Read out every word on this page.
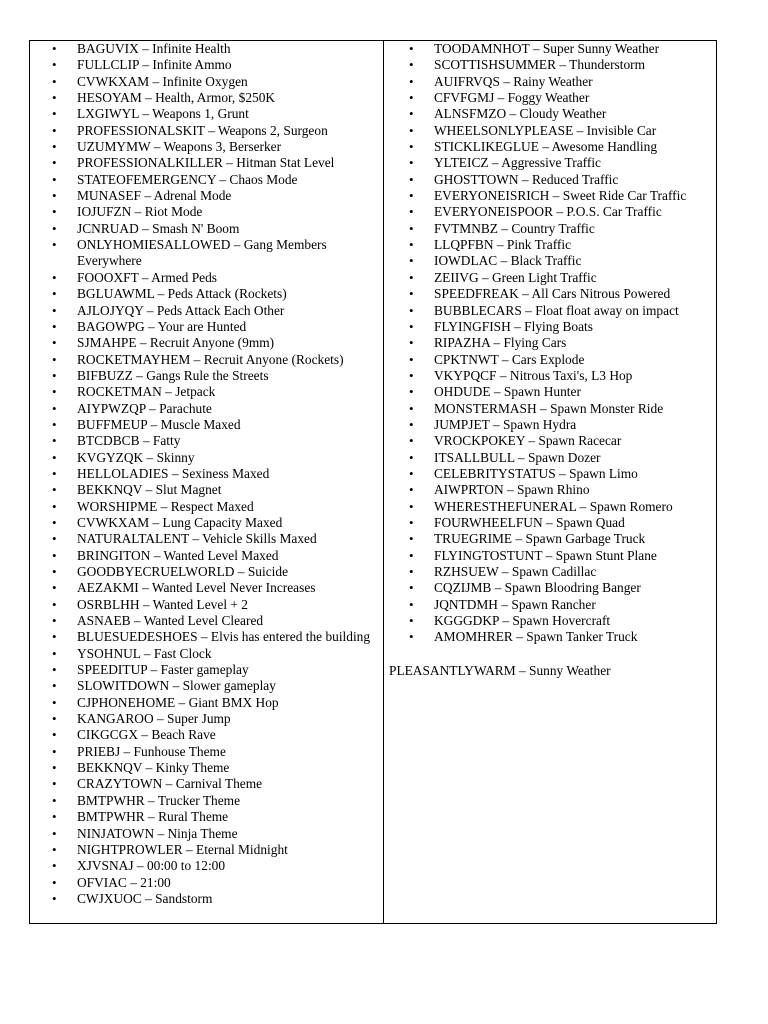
• BAGUVIX – Infinite Health
• FULLCLIP – Infinite Ammo
• CVWKXAM – Infinite Oxygen
• HESOYAM – Health, Armor, $250K
• LXGIWYL – Weapons 1, Grunt
• PROFESSIONALSKIT – Weapons 2, Surgeon
• UZUMYMW – Weapons 3, Berserker
• PROFESSIONALKILLER – Hitman Stat Level
• STATEOFEMERGENCY – Chaos Mode
• MUNASEF – Adrenal Mode
• IOJUFZN – Riot Mode
• JCNRUAD – Smash N' Boom
• ONLYHOMIESALLOWED – Gang Members Everywhere
• FOOOXFT – Armed Peds
• BGLUAWML – Peds Attack (Rockets)
• AJLOJYQY – Peds Attack Each Other
• BAGOWPG – Your are Hunted
• SJMAHPE – Recruit Anyone (9mm)
• ROCKETMAYHEM – Recruit Anyone (Rockets)
• BIFBUZZ – Gangs Rule the Streets
• ROCKETMAN – Jetpack
• AIYPWZQP – Parachute
• BUFFMEUP – Muscle Maxed
• BTCDBCB – Fatty
• KVGYZQK – Skinny
• HELLOLADIES – Sexiness Maxed
• BEKKNQV – Slut Magnet
• WORSHIPME – Respect Maxed
• CVWKXAM – Lung Capacity Maxed
• NATURALTALENT – Vehicle Skills Maxed
• BRINGITON – Wanted Level Maxed
• GOODBYECRUELWORLD – Suicide
• AEZAKMI – Wanted Level Never Increases
• OSRBLHH – Wanted Level + 2
• ASNAEB – Wanted Level Cleared
• BLUESUEDESHOES – Elvis has entered the building
• YSOHNUL – Fast Clock
• SPEEDITUP – Faster gameplay
• SLOWITDOWN – Slower gameplay
• CJPHONEHOME – Giant BMX Hop
• KANGAROO – Super Jump
• CIKGCGX – Beach Rave
• PRIEBJ – Funhouse Theme
• BEKKNQV – Kinky Theme
• CRAZYTOWN – Carnival Theme
• BMTPWHR – Trucker Theme
• BMTPWHR – Rural Theme
• NINJATOWN – Ninja Theme
• NIGHTPROWLER – Eternal Midnight
• XJVSNAJ – 00:00 to 12:00
• OFVIAC – 21:00
• CWJXUOC – Sandstorm
• TOODAMNHOT – Super Sunny Weather
• SCOTTISHSUMMER – Thunderstorm
• AUIFRVQS – Rainy Weather
• CFVFGMJ – Foggy Weather
• ALNSFMZO – Cloudy Weather
• WHEELSONLYPLEASE – Invisible Car
• STICKLIKEGLUE – Awesome Handling
• YLTEICZ – Aggressive Traffic
• GHOSTTOWN – Reduced Traffic
• EVERYONEISRICH – Sweet Ride Car Traffic
• EVERYONEISPOOR – P.O.S. Car Traffic
• FVTMNBZ – Country Traffic
• LLQPFBN – Pink Traffic
• IOWDLAC – Black Traffic
• ZEIIVG – Green Light Traffic
• SPEEDFREAK – All Cars Nitrous Powered
• BUBBLECARS – Float float away on impact
• FLYINGFISH – Flying Boats
• RIPAZHA – Flying Cars
• CPKTNWT – Cars Explode
• VKYPQCF – Nitrous Taxi's, L3 Hop
• OHDUDE – Spawn Hunter
• MONSTERMASH – Spawn Monster Ride
• JUMPJET – Spawn Hydra
• VROCKPOKEY – Spawn Racecar
• ITSALLBULL – Spawn Dozer
• CELEBRITYSTATUS – Spawn Limo
• AIWPRTON – Spawn Rhino
• WHERESTHEFUNERAL – Spawn Romero
• FOURWHEELFUN – Spawn Quad
• TRUEGRIME – Spawn Garbage Truck
• FLYINGTOSTUNT – Spawn Stunt Plane
• RZHSUEW – Spawn Cadillac
• CQZIJMB – Spawn Bloodring Banger
• JQNTDMH – Spawn Rancher
• KGGGDKP – Spawn Hovercraft
• AMOMHRER – Spawn Tanker Truck

PLEASANTLYWARM – Sunny Weather
